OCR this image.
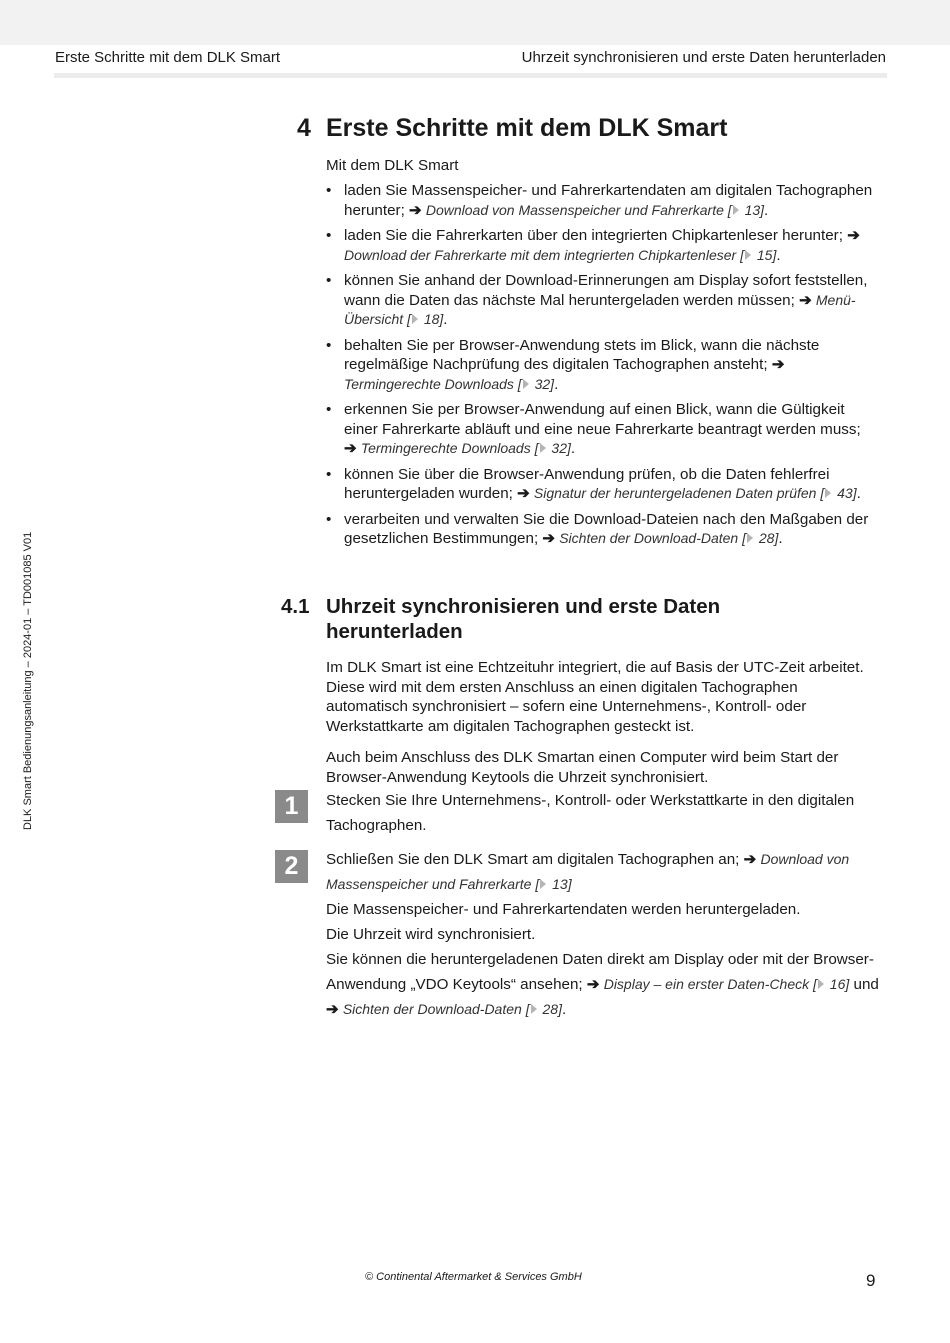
Erste Schritte mit dem DLK Smart	Uhrzeit synchronisieren und erste Daten herunterladen
DLK Smart Bedienungsanleitung – 2024-01 – TD001085 V01
4 Erste Schritte mit dem DLK Smart

Mit dem DLK Smart

• laden Sie Massenspeicher- und Fahrerkartendaten am digitalen Tachographen herunter; ➔ Download von Massenspeicher und Fahrerkarte [ 13].
• laden Sie die Fahrerkarten über den integrierten Chipkartenleser herunter; ➔ Download der Fahrerkarte mit dem integrierten Chipkartenleser [ 15].
• können Sie anhand der Download-Erinnerungen am Display sofort feststellen, wann die Daten das nächste Mal heruntergeladen werden müssen; ➔ Menü-Übersicht [ 18].
• behalten Sie per Browser-Anwendung stets im Blick, wann die nächste regelmäßige Nachprüfung des digitalen Tachographen ansteht; ➔ Termingerechte Downloads [ 32].
• erkennen Sie per Browser-Anwendung auf einen Blick, wann die Gültigkeit einer Fahrerkarte abläuft und eine neue Fahrerkarte beantragt werden muss; ➔ Termingerechte Downloads [ 32].
• können Sie über die Browser-Anwendung prüfen, ob die Daten fehlerfrei heruntergeladen wurden; ➔ Signatur der heruntergeladenen Daten prüfen [ 43].
• verarbeiten und verwalten Sie die Download-Dateien nach den Maßgaben der gesetzlichen Bestimmungen; ➔ Sichten der Download-Daten [ 28].
4.1 Uhrzeit synchronisieren und erste Daten herunterladen

Im DLK Smart ist eine Echtzeituhr integriert, die auf Basis der UTC-Zeit arbeitet. Diese wird mit dem ersten Anschluss an einen digitalen Tachographen automatisch synchronisiert – sofern eine Unternehmens-, Kontroll- oder Werkstattkarte am digitalen Tachographen gesteckt ist.

Auch beim Anschluss des DLK Smartan einen Computer wird beim Start der Browser-Anwendung Keytools die Uhrzeit synchronisiert.

1	Stecken Sie Ihre Unternehmens-, Kontroll- oder Werkstattkarte in den digitalen Tachographen.

2	Schließen Sie den DLK Smart am digitalen Tachographen an; ➔ Download von Massenspeicher und Fahrerkarte [ 13]
Die Massenspeicher- und Fahrerkartendaten werden heruntergeladen.
Die Uhrzeit wird synchronisiert.
Sie können die heruntergeladenen Daten direkt am Display oder mit der Browser-Anwendung „VDO Keytools“ ansehen; ➔ Display – ein erster Daten-Check [ 16] und ➔ Sichten der Download-Daten [ 28].
© Continental Aftermarket & Services GmbH	9
